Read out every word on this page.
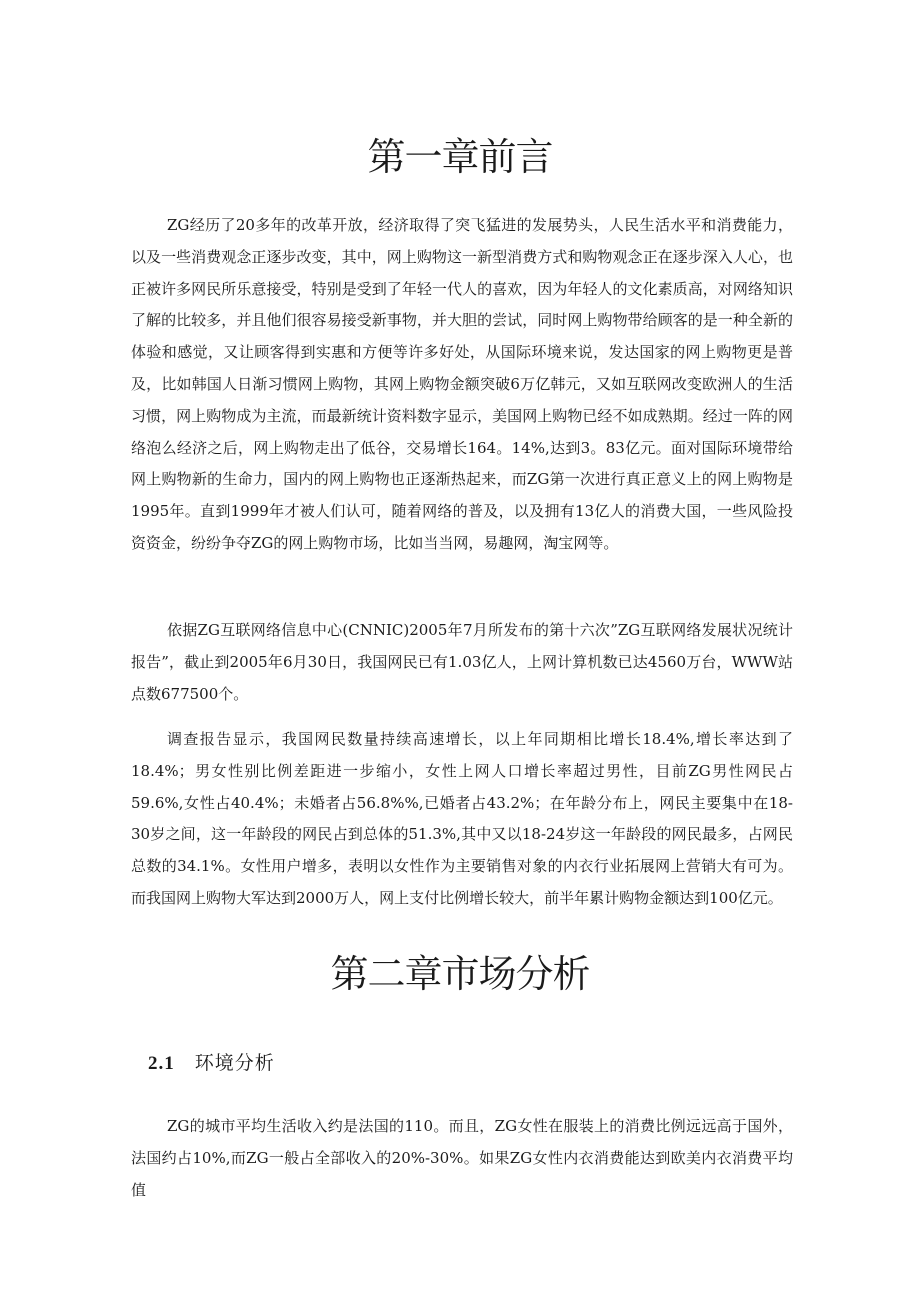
第一章前言

ZG经历了20多年的改革开放，经济取得了突飞猛进的发展势头，人民生活水平和消费能力，以及一些消费观念正逐步改变，其中，网上购物这一新型消费方式和购物观念正在逐步深入人心，也正被许多网民所乐意接受，特别是受到了年轻一代人的喜欢，因为年轻人的文化素质高，对网络知识了解的比较多，并且他们很容易接受新事物，并大胆的尝试，同时网上购物带给顾客的是一种全新的体验和感觉，又让顾客得到实惠和方便等许多好处，从国际环境来说，发达国家的网上购物更是普及，比如韩国人日渐习惯网上购物，其网上购物金额突破6万亿韩元，又如互联网改变欧洲人的生活习惯，网上购物成为主流，而最新统计资料数字显示，美国网上购物已经不如成熟期。经过一阵的网络泡么经济之后，网上购物走出了低谷，交易增长164。14%,达到3。83亿元。面对国际环境带给网上购物新的生命力，国内的网上购物也正逐渐热起来，而ZG第一次进行真正意义上的网上购物是1995年。直到1999年才被人们认可，随着网络的普及，以及拥有13亿人的消费大国，一些风险投资资金，纷纷争夺ZG的网上购物市场，比如当当网，易趣网，淘宝网等。

依据ZG互联网络信息中心(CNNIC)2005年7月所发布的第十六次”ZG互联网络发展状况统计报告”，截止到2005年6月30日，我国网民已有1.03亿人，上网计算机数已达4560万台，WWW站点数677500个。

调查报告显示，我国网民数量持续高速增长，以上年同期相比增长18.4%,增长率达到了18.4%；男女性别比例差距进一步缩小，女性上网人口增长率超过男性，目前ZG男性网民占59.6%,女性占40.4%；未婚者占56.8%%,已婚者占43.2%；在年龄分布上，网民主要集中在18-30岁之间，这一年龄段的网民占到总体的51.3%,其中又以18-24岁这一年龄段的网民最多，占网民总数的34.1%。女性用户增多，表明以女性作为主要销售对象的内衣行业拓展网上营销大有可为。而我国网上购物大军达到2000万人，网上支付比例增长较大，前半年累计购物金额达到100亿元。

第二章市场分析
2.1 环境分析

ZG的城市平均生活收入约是法国的110。而且，ZG女性在服装上的消费比例远远高于国外，法国约占10%,而ZG一般占全部收入的20%-30%。如果ZG女性内衣消费能达到欧美内衣消费平均值
